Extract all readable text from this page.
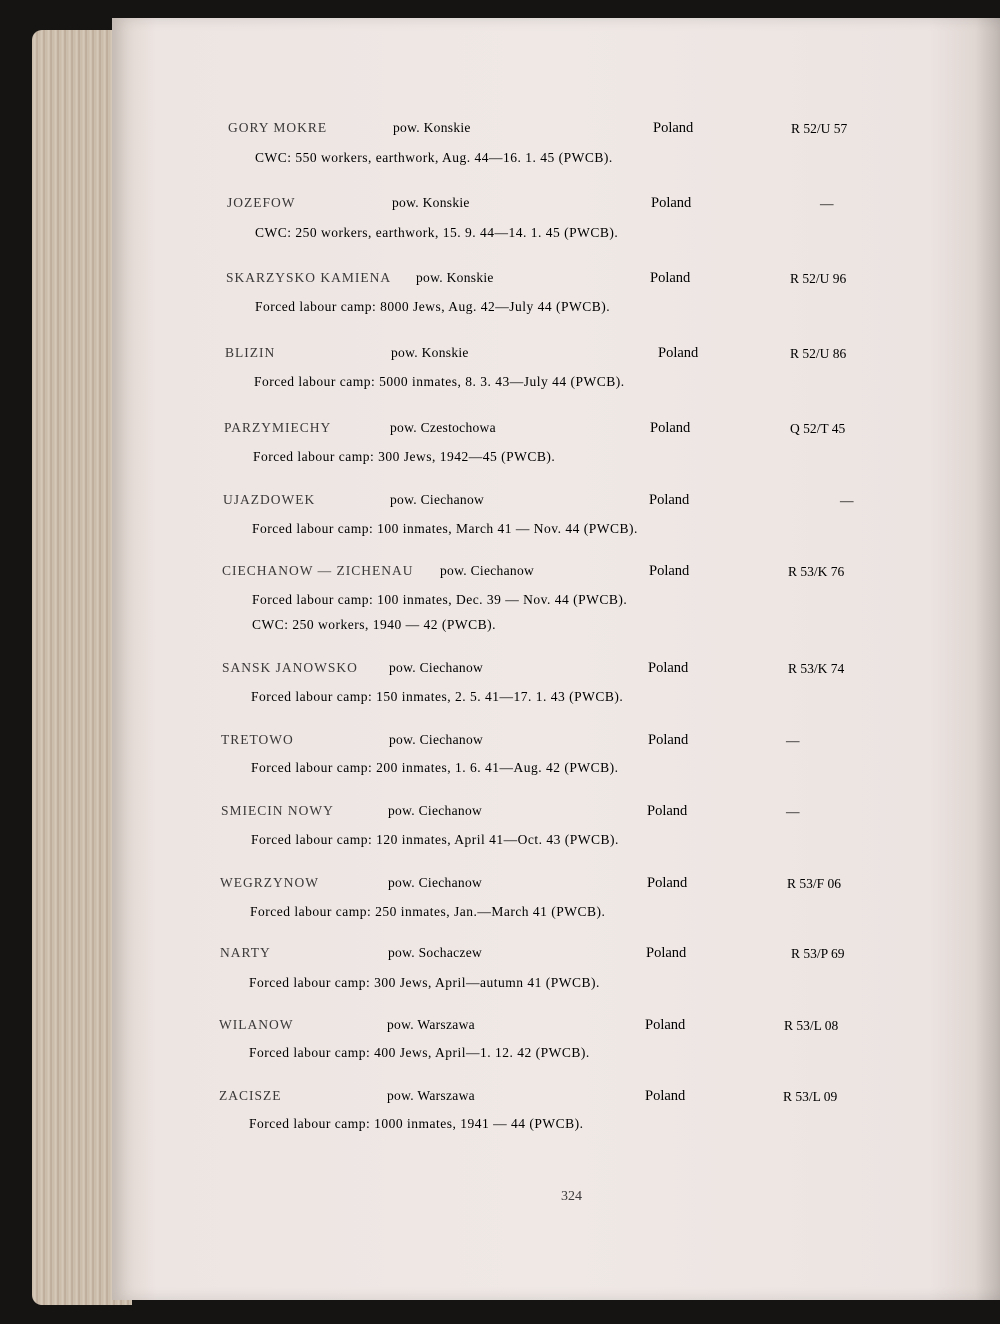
GORY MOKRE	pow. Konskie	Poland	R 52/U 57
CWC: 550 workers, earthwork, Aug. 44—16. 1. 45 (PWCB).
JOZEFOW	pow. Konskie	Poland	—
CWC: 250 workers, earthwork, 15. 9. 44—14. 1. 45 (PWCB).
SKARZYSKO KAMIENA pow. Konskie	Poland	R 52/U 96
Forced labour camp: 8000 Jews, Aug. 42—July 44 (PWCB).
BLIZIN	pow. Konskie	Poland	R 52/U 86
Forced labour camp: 5000 inmates, 8. 3. 43—July 44 (PWCB).
PARZYMIECHY	pow. Czestochowa	Poland	Q 52/T 45
Forced labour camp: 300 Jews, 1942—45 (PWCB).
UJAZDOWEK	pow. Ciechanow	Poland	—
Forced labour camp: 100 inmates, March 41 — Nov. 44 (PWCB).
CIECHANOW — ZICHENAU pow. Ciechanow	Poland	R 53/K 76
Forced labour camp: 100 inmates, Dec. 39 — Nov. 44 (PWCB).
CWC: 250 workers, 1940 — 42 (PWCB).
SANSK JANOWSKO pow. Ciechanow	Poland	R 53/K 74
Forced labour camp: 150 inmates, 2. 5. 41—17. 1. 43 (PWCB).
TRETOWO	pow. Ciechanow	Poland	—
Forced labour camp: 200 inmates, 1. 6. 41—Aug. 42 (PWCB).
SMIECIN NOWY	pow. Ciechanow	Poland	—
Forced labour camp: 120 inmates, April 41—Oct. 43 (PWCB).
WEGRZYNOW	pow. Ciechanow	Poland	R 53/F 06
Forced labour camp: 250 inmates, Jan.—March 41 (PWCB).
NARTY	pow. Sochaczew	Poland	R 53/P 69
Forced labour camp: 300 Jews, April—autumn 41 (PWCB).
WILANOW	pow. Warszawa	Poland	R 53/L 08
Forced labour camp: 400 Jews, April—1. 12. 42 (PWCB).
ZACISZE	pow. Warszawa	Poland	R 53/L 09
Forced labour camp: 1000 inmates, 1941 — 44 (PWCB).
324
